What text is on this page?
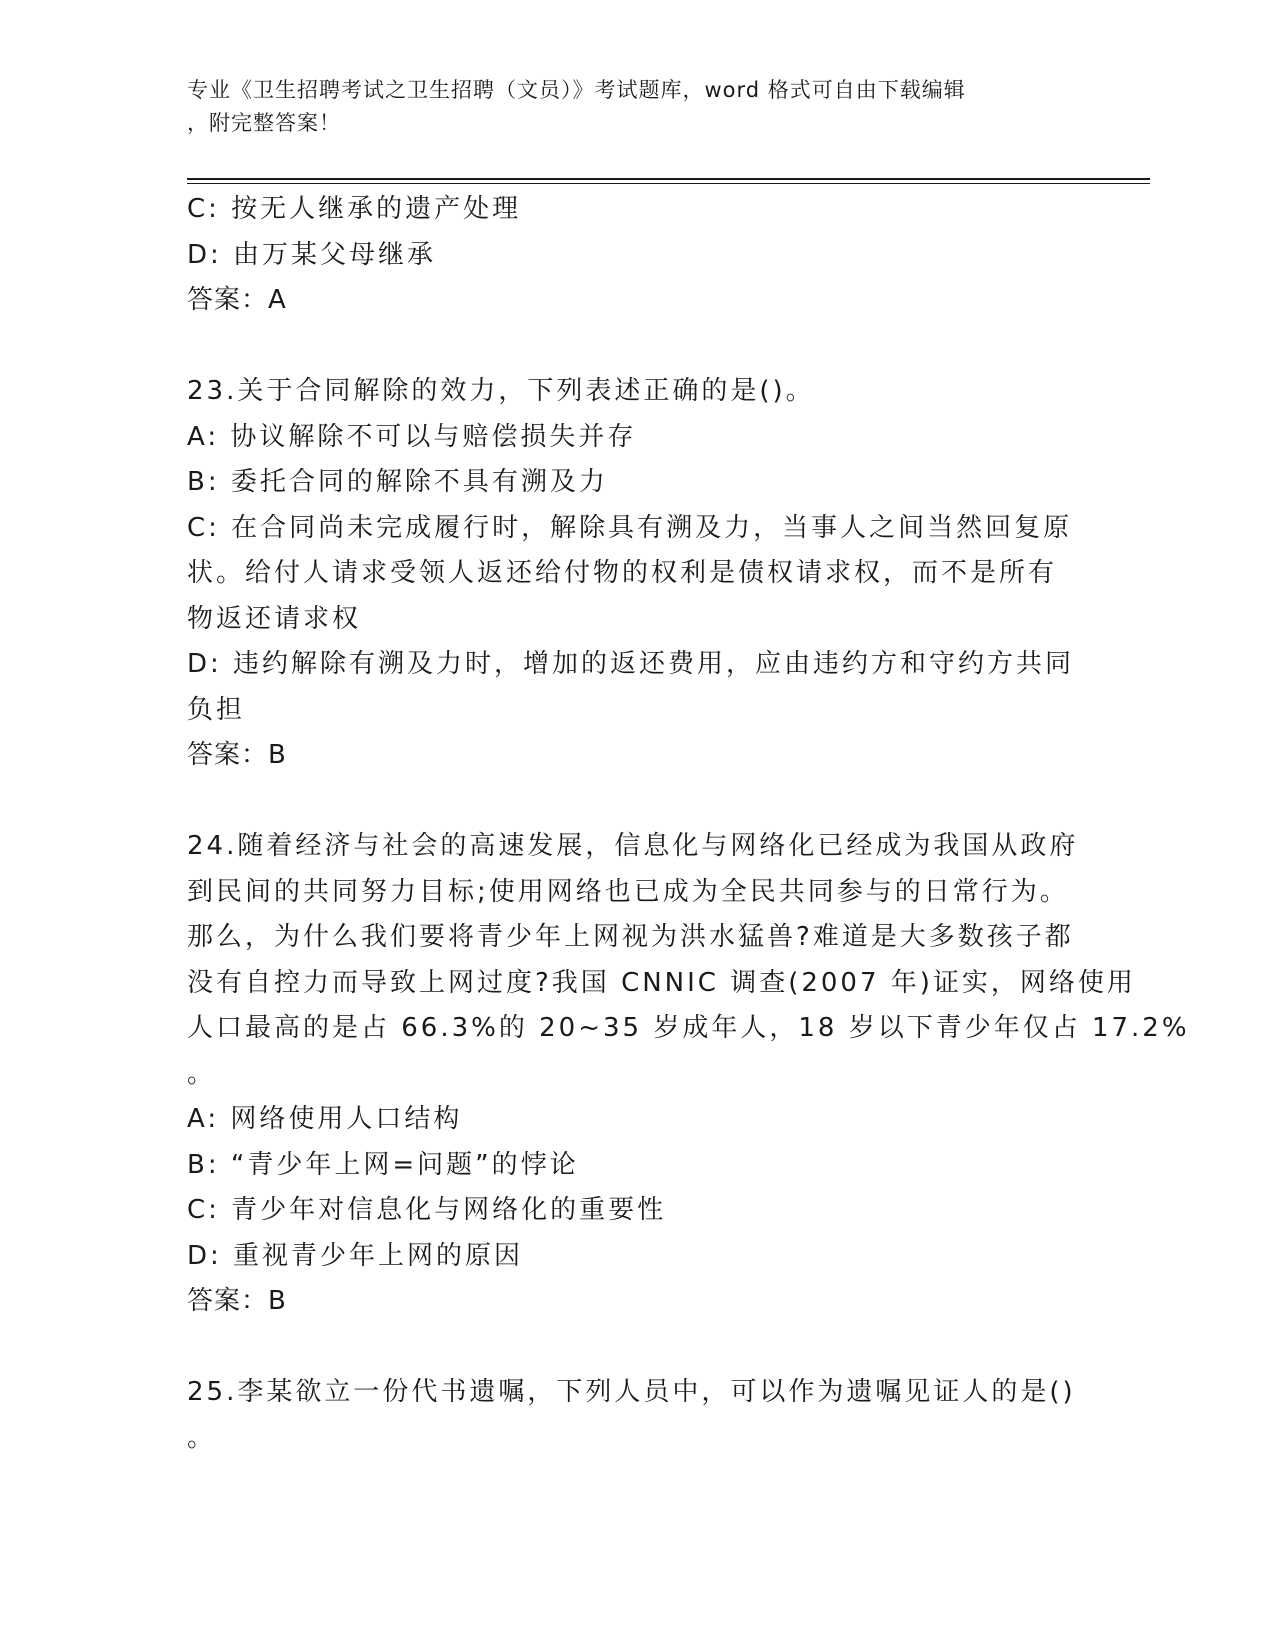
专业《卫生招聘考试之卫生招聘（文员）》考试题库，word 格式可自由下载编辑
，附完整答案！
C: 按无人继承的遗产处理
D: 由万某父母继承
答案：A
23.关于合同解除的效力，下列表述正确的是()。
A: 协议解除不可以与赔偿损失并存
B: 委托合同的解除不具有溯及力
C: 在合同尚未完成履行时，解除具有溯及力，当事人之间当然回复原
状。给付人请求受领人返还给付物的权利是债权请求权，而不是所有
物返还请求权
D: 违约解除有溯及力时，增加的返还费用，应由违约方和守约方共同
负担
答案：B
24.随着经济与社会的高速发展，信息化与网络化已经成为我国从政府
到民间的共同努力目标;使用网络也已成为全民共同参与的日常行为。
那么，为什么我们要将青少年上网视为洪水猛兽?难道是大多数孩子都
没有自控力而导致上网过度?我国 CNNIC 调查(2007 年)证实，网络使用
人口最高的是占 66.3%的 20~35 岁成年人，18 岁以下青少年仅占 17.2%
。
A: 网络使用人口结构
B: “青少年上网=问题”的悖论
C: 青少年对信息化与网络化的重要性
D: 重视青少年上网的原因
答案：B
25.李某欲立一份代书遗嘱，下列人员中，可以作为遗嘱见证人的是()
。
